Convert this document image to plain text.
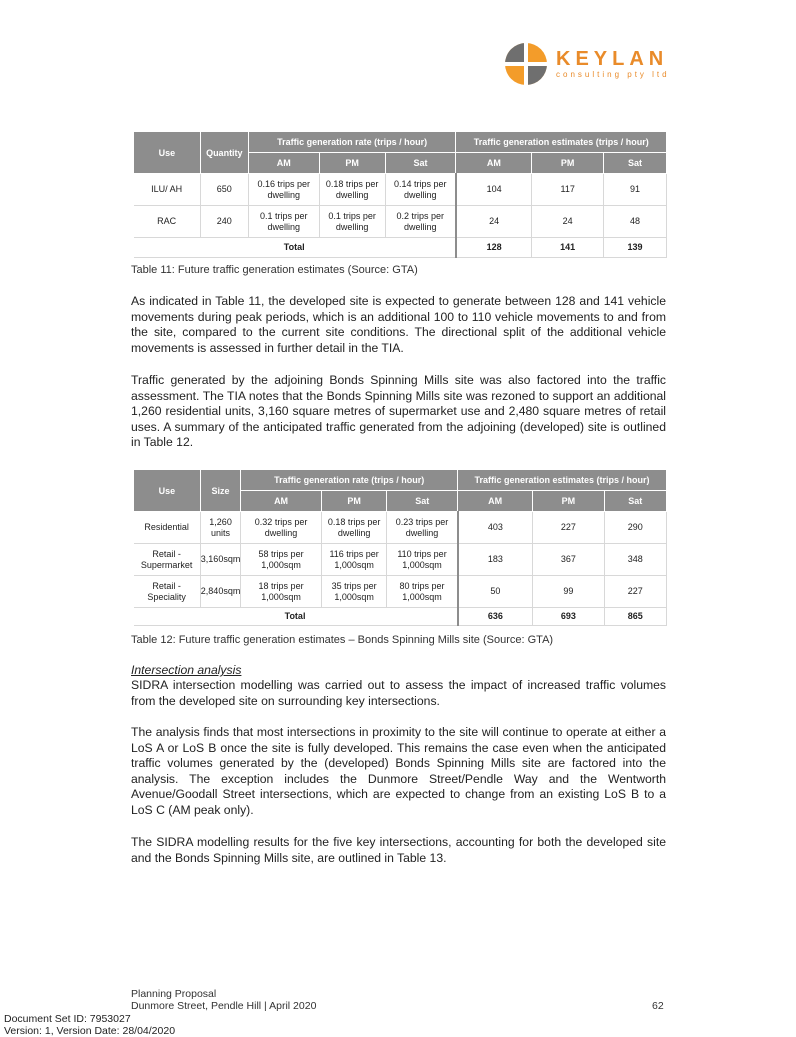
KEYLAN
consulting pty ltd
Use	Quantity	Traffic generation rate (trips / hour)			Traffic generation estimates (trips / hour)		
		AM	PM	Sat	AM	PM	Sat
ILU/ AH	650	0.16 trips per dwelling	0.18 trips per dwelling	0.14 trips per dwelling	104	117	91
RAC	240	0.1 trips per dwelling	0.1 trips per dwelling	0.2 trips per dwelling	24	24	48
Total					128	141	139
Table 11: Future traffic generation estimates (Source: GTA)
As indicated in Table 11, the developed site is expected to generate between 128 and 141 vehicle movements during peak periods, which is an additional 100 to 110 vehicle movements to and from the site, compared to the current site conditions. The directional split of the additional vehicle movements is assessed in further detail in the TIA.
Traffic generated by the adjoining Bonds Spinning Mills site was also factored into the traffic assessment. The TIA notes that the Bonds Spinning Mills site was rezoned to support an additional 1,260 residential units, 3,160 square metres of supermarket use and 2,480 square metres of retail uses. A summary of the anticipated traffic generated from the adjoining (developed) site is outlined in Table 12.
Use	Size	Traffic generation rate (trips / hour)			Traffic generation estimates (trips / hour)		
		AM	PM	Sat	AM	PM	Sat
Residential	1,260 units	0.32 trips per dwelling	0.18 trips per dwelling	0.23 trips per dwelling	403	227	290
Retail - Supermarket	3,160sqm	58 trips per 1,000sqm	116 trips per 1,000sqm	110 trips per 1,000sqm	183	367	348
Retail - Speciality	2,840sqm	18 trips per 1,000sqm	35 trips per 1,000sqm	80 trips per 1,000sqm	50	99	227
Total					636	693	865
Table 12: Future traffic generation estimates – Bonds Spinning Mills site (Source: GTA)
Intersection analysis
SIDRA intersection modelling was carried out to assess the impact of increased traffic volumes from the developed site on surrounding key intersections.
The analysis finds that most intersections in proximity to the site will continue to operate at either a LoS A or LoS B once the site is fully developed. This remains the case even when the anticipated traffic volumes generated by the (developed) Bonds Spinning Mills site are factored into the analysis. The exception includes the Dunmore Street/Pendle Way and the Wentworth Avenue/Goodall Street intersections, which are expected to change from an existing LoS B to a LoS C (AM peak only).
The SIDRA modelling results for the five key intersections, accounting for both the developed site and the Bonds Spinning Mills site, are outlined in Table 13.
Planning Proposal
Dunmore Street, Pendle Hill | April 2020	62
Document Set ID: 7953027
Version: 1, Version Date: 28/04/2020
